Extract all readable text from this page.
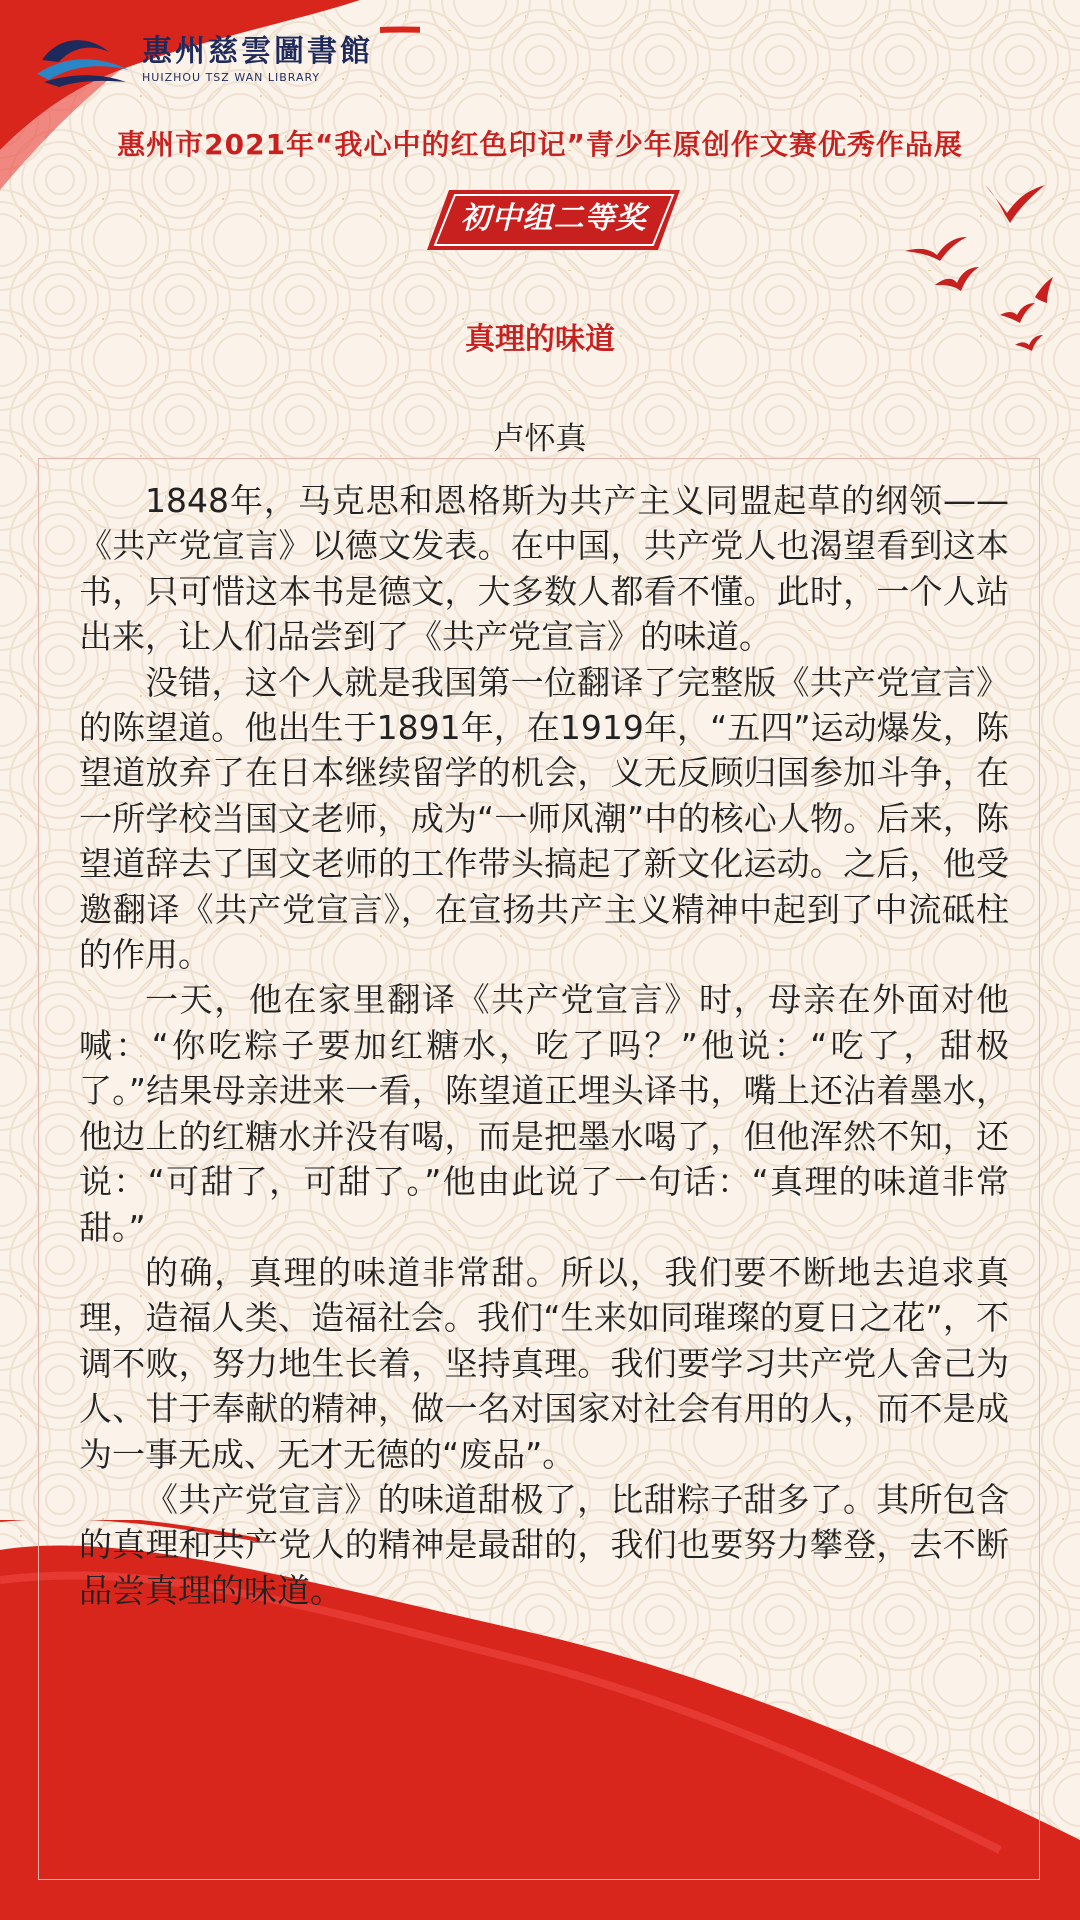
惠州慈雲圖書館
HUIZHOU TSZ WAN LIBRARY
惠州市2021年“我心中的红色印记”青少年原创作文赛优秀作品展
初中组二等奖
真理的味道
卢怀真

1848年，马克思和恩格斯为共产主义同盟起草的纲领——《共产党宣言》以德文发表。在中国，共产党人也渴望看到这本书，只可惜这本书是德文，大多数人都看不懂。此时，一个人站出来，让人们品尝到了《共产党宣言》的味道。

没错，这个人就是我国第一位翻译了完整版《共产党宣言》的陈望道。他出生于1891年，在1919年，“五四”运动爆发，陈望道放弃了在日本继续留学的机会，义无反顾归国参加斗争，在一所学校当国文老师，成为“一师风潮”中的核心人物。后来，陈望道辞去了国文老师的工作带头搞起了新文化运动。之后，他受邀翻译《共产党宣言》，在宣扬共产主义精神中起到了中流砥柱的作用。

一天，他在家里翻译《共产党宣言》时，母亲在外面对他喊：“你吃粽子要加红糖水，吃了吗？”他说：“吃了，甜极了。”结果母亲进来一看，陈望道正埋头译书，嘴上还沾着墨水，他边上的红糖水并没有喝，而是把墨水喝了，但他浑然不知，还说：“可甜了，可甜了。”他由此说了一句话：“真理的味道非常甜。”

的确，真理的味道非常甜。所以，我们要不断地去追求真理，造福人类、造福社会。我们“生来如同璀璨的夏日之花”，不调不败，努力地生长着，坚持真理。我们要学习共产党人舍己为人、甘于奉献的精神，做一名对国家对社会有用的人，而不是成为一事无成、无才无德的“废品”。

《共产党宣言》的味道甜极了，比甜粽子甜多了。其所包含的真理和共产党人的精神是最甜的，我们也要努力攀登，去不断品尝真理的味道。
